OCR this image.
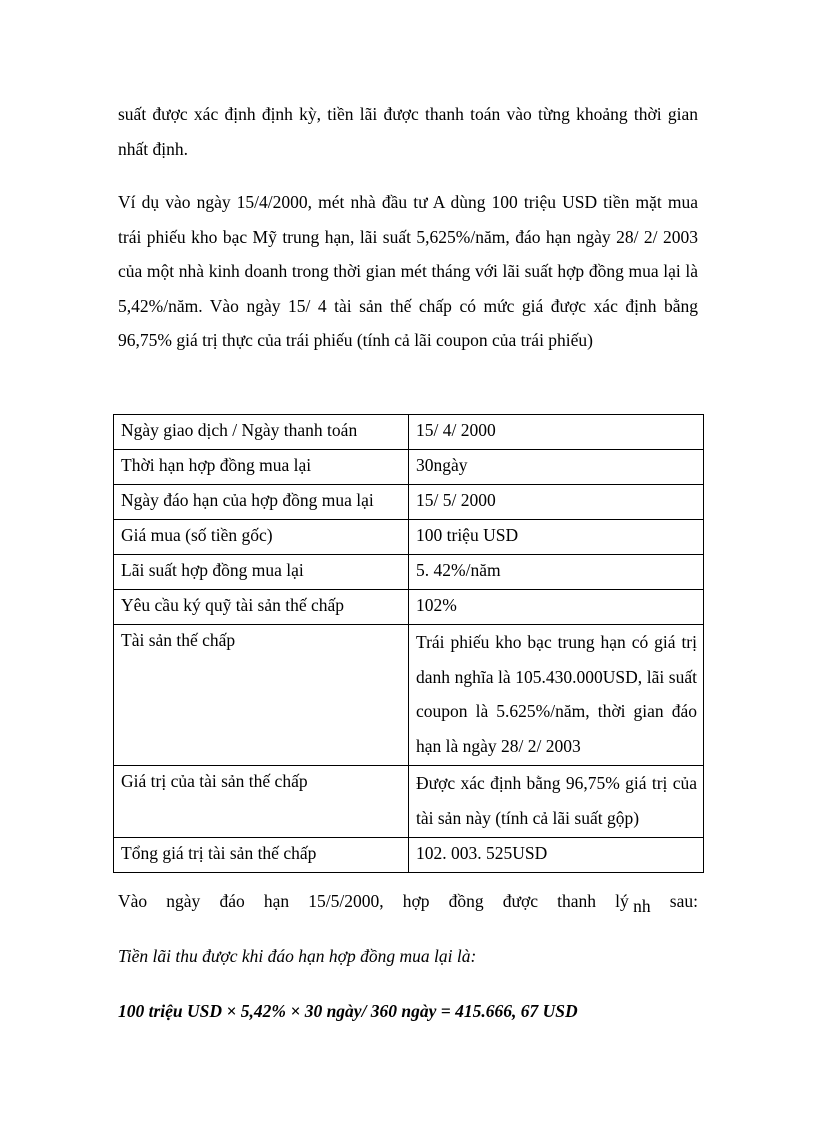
suất được xác định định kỳ, tiền lãi được thanh toán vào từng khoảng thời gian nhất định.
Ví dụ vào ngày 15/4/2000, mét nhà đầu tư A dùng 100 triệu USD tiền mặt mua trái phiếu kho bạc Mỹ trung hạn, lãi suất 5,625%/năm, đáo hạn ngày 28/ 2/ 2003 của một nhà kinh doanh trong thời gian mét tháng với lãi suất hợp đồng mua lại là 5,42%/năm. Vào ngày 15/ 4 tài sản thế chấp có mức giá được xác định bằng 96,75% giá trị thực của trái phiếu (tính cả lãi coupon của trái phiếu)
Ngày giao dịch / Ngày thanh toán	15/ 4/ 2000
Thời hạn hợp đồng mua lại	30ngày
Ngày đáo hạn của hợp đồng mua lại	15/ 5/ 2000
Giá mua (số tiền gốc)	100 triệu USD
Lãi suất hợp đồng mua lại	5. 42%/năm
Yêu cầu ký quỹ tài sản thế chấp	102%
Tài sản thế chấp	Trái phiếu kho bạc trung hạn có giá trị danh nghĩa là 105.430.000USD, lãi suất coupon là 5.625%/năm, thời gian đáo hạn là ngày 28/ 2/ 2003
Giá trị của tài sản thế chấp	Được xác định bằng 96,75% giá trị của tài sản này (tính cả lãi suất gộp)
Tổng giá trị tài sản thế chấp	102. 003. 525USD
Vào ngày đáo hạn 15/5/2000, hợp đồng được thanh lý nh sau:
Tiền lãi thu được khi đáo hạn hợp đồng mua lại là:
100 triệu USD × 5,42% × 30 ngày/ 360 ngày = 415.666, 67 USD
